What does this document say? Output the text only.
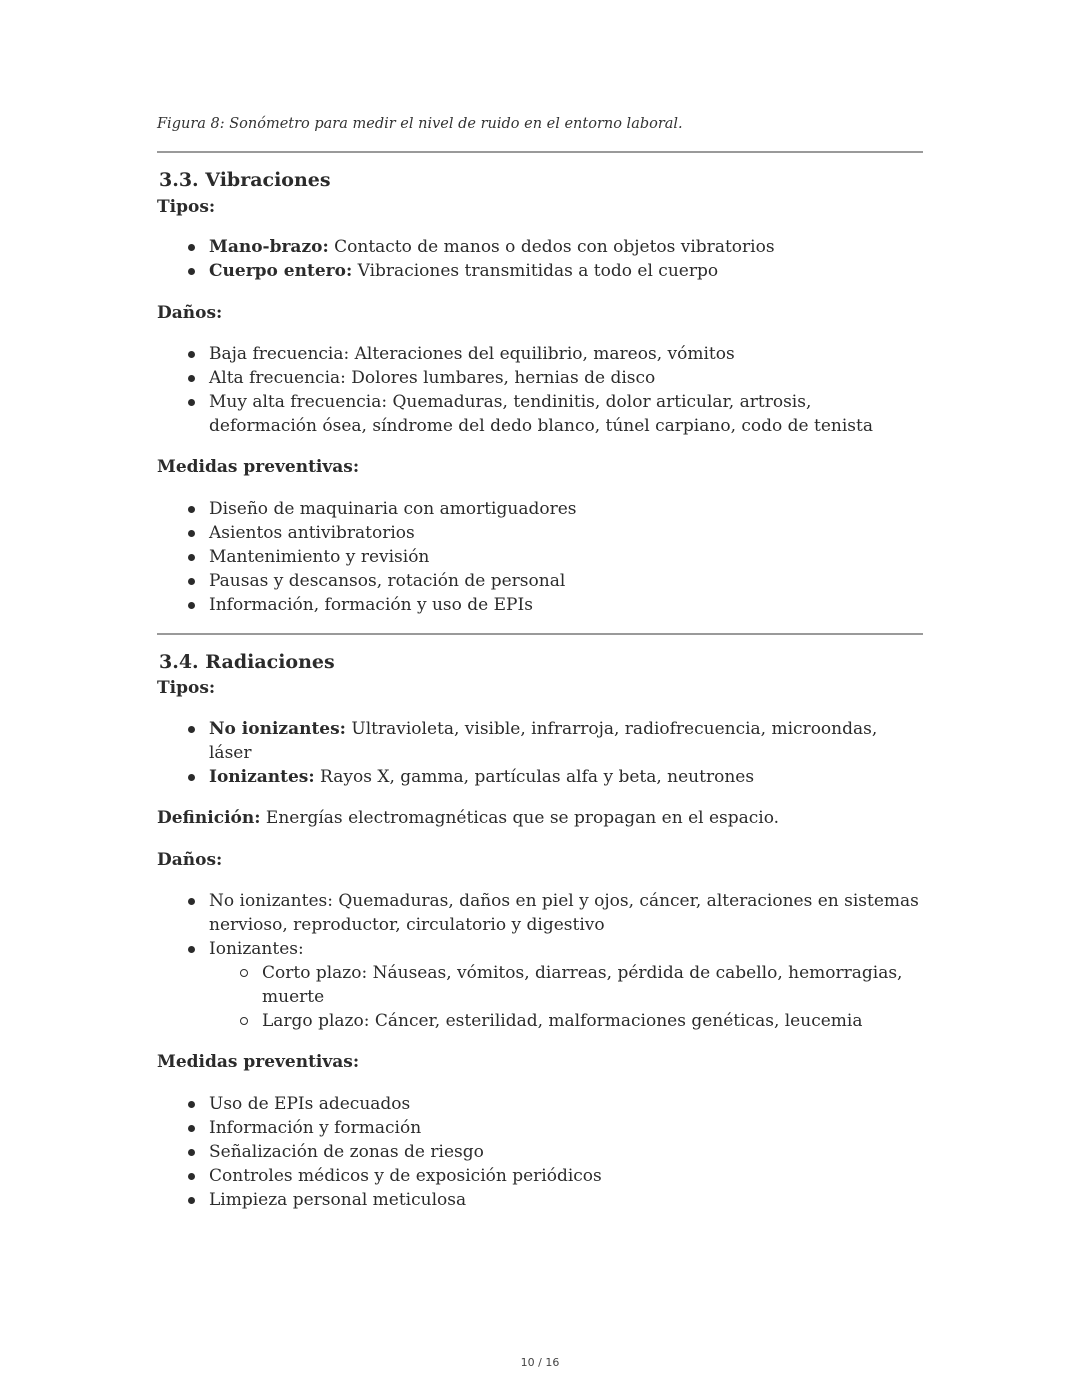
Figura 8: Sonómetro para medir el nivel de ruido en el entorno laboral.
3.3. Vibraciones
Tipos:
Mano-brazo: Contacto de manos o dedos con objetos vibratorios
Cuerpo entero: Vibraciones transmitidas a todo el cuerpo
Daños:
Baja frecuencia: Alteraciones del equilibrio, mareos, vómitos
Alta frecuencia: Dolores lumbares, hernias de disco
Muy alta frecuencia: Quemaduras, tendinitis, dolor articular, artrosis, deformación ósea, síndrome del dedo blanco, túnel carpiano, codo de tenista
Medidas preventivas:
Diseño de maquinaria con amortiguadores
Asientos antivibratorios
Mantenimiento y revisión
Pausas y descansos, rotación de personal
Información, formación y uso de EPIs
3.4. Radiaciones
Tipos:
No ionizantes: Ultravioleta, visible, infrarroja, radiofrecuencia, microondas, láser
Ionizantes: Rayos X, gamma, partículas alfa y beta, neutrones
Definición: Energías electromagnéticas que se propagan en el espacio.
Daños:
No ionizantes: Quemaduras, daños en piel y ojos, cáncer, alteraciones en sistemas nervioso, reproductor, circulatorio y digestivo
Ionizantes:
Corto plazo: Náuseas, vómitos, diarreas, pérdida de cabello, hemorragias, muerte
Largo plazo: Cáncer, esterilidad, malformaciones genéticas, leucemia
Medidas preventivas:
Uso de EPIs adecuados
Información y formación
Señalización de zonas de riesgo
Controles médicos y de exposición periódicos
Limpieza personal meticulosa
10 / 16
